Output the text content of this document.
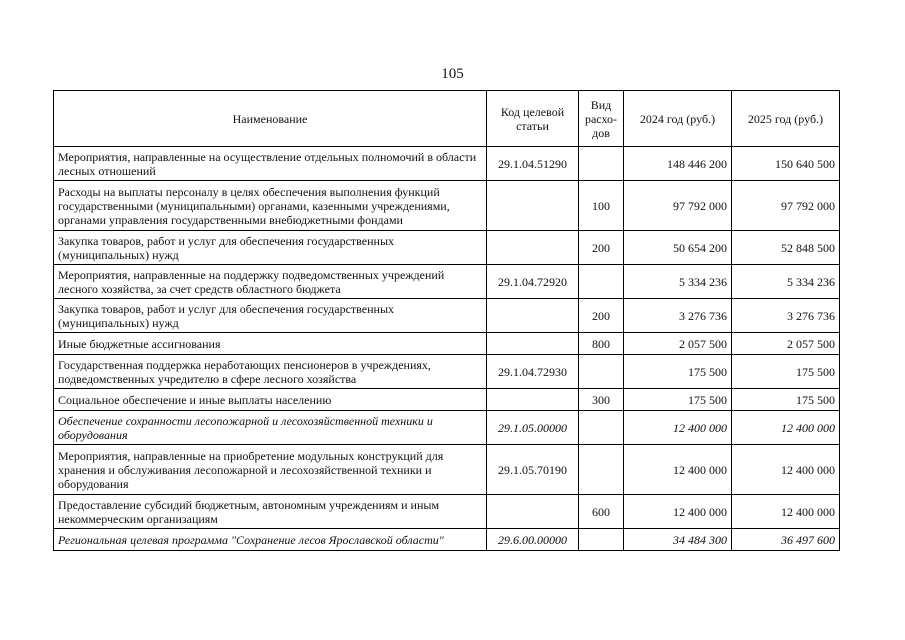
105
Наименование	Код целевой статьи	Вид расхо-дов	2024 год (руб.)	2025 год (руб.)
Мероприятия, направленные на осуществление отдельных полномочий в области лесных отношений	29.1.04.51290		148 446 200	150 640 500
Расходы на выплаты персоналу в целях обеспечения выполнения функций государственными (муниципальными) органами, казенными учреждениями, органами управления государственными внебюджетными фондами		100	97 792 000	97 792 000
Закупка товаров, работ и услуг для обеспечения государственных (муниципальных) нужд		200	50 654 200	52 848 500
Мероприятия, направленные на поддержку подведомственных учреждений лесного хозяйства, за счет средств областного бюджета	29.1.04.72920		5 334 236	5 334 236
Закупка товаров, работ и услуг для обеспечения государственных (муниципальных) нужд		200	3 276 736	3 276 736
Иные бюджетные ассигнования		800	2 057 500	2 057 500
Государственная поддержка неработающих пенсионеров в учреждениях, подведомственных учредителю в сфере лесного хозяйства	29.1.04.72930		175 500	175 500
Социальное обеспечение и иные выплаты населению		300	175 500	175 500
Обеспечение сохранности лесопожарной и лесохозяйственной техники и оборудования	29.1.05.00000		12 400 000	12 400 000
Мероприятия, направленные на приобретение модульных конструкций для хранения и обслуживания лесопожарной и лесохозяйственной техники и оборудования	29.1.05.70190		12 400 000	12 400 000
Предоставление субсидий бюджетным, автономным учреждениям и иным некоммерческим организациям		600	12 400 000	12 400 000
Региональная целевая программа "Сохранение лесов Ярославской области"	29.6.00.00000		34 484 300	36 497 600
